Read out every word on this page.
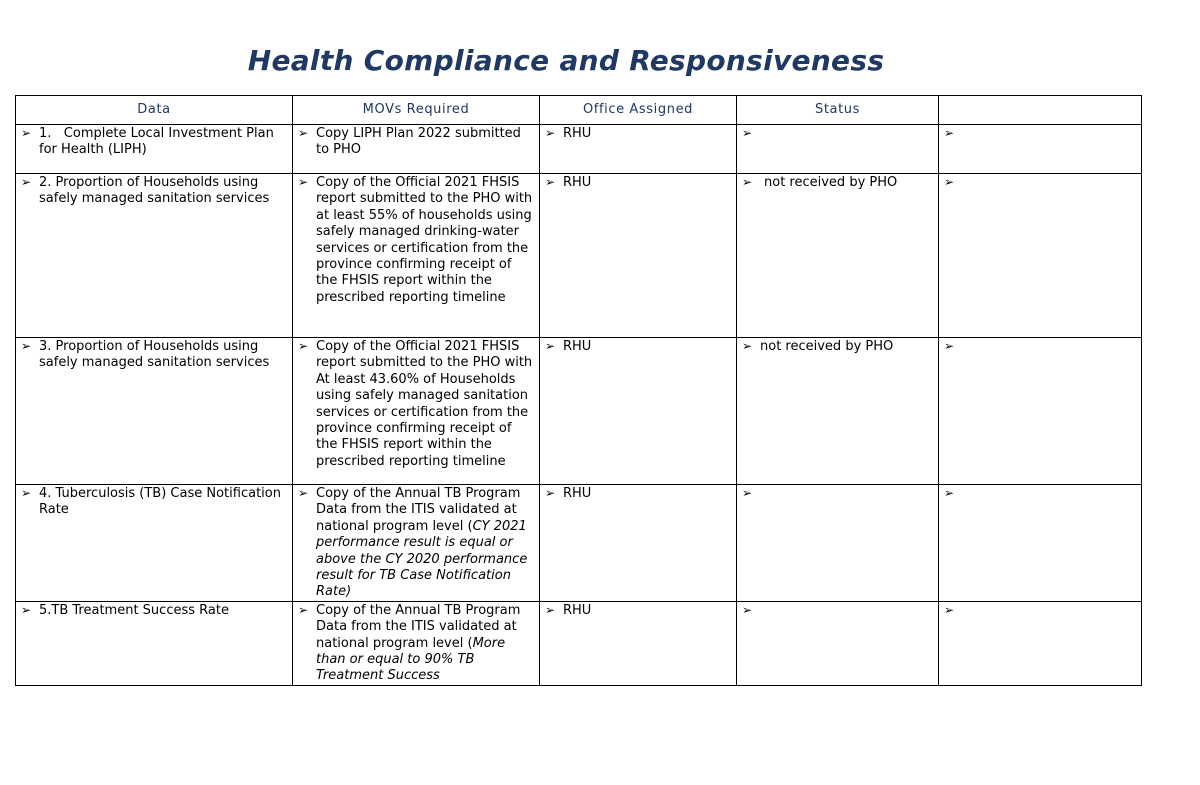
Health Compliance and Responsiveness
Data	MOVs Required	Office Assigned	Status	

➢ 1.   Complete Local Investment Plan for Health (LIPH)	➢ Copy LIPH Plan 2022 submitted to PHO	➢ RHU	➢	➢

➢ 2. Proportion of Households using safely managed sanitation services	➢ Copy of the Official 2021 FHSIS report submitted to the PHO with at least 55% of households using safely managed drinking-water services or certification from the province confirming receipt of the FHSIS report within the prescribed reporting timeline	➢ RHU	➢ not received by PHO	➢

➢ 3. Proportion of Households using safely managed sanitation services	➢ Copy of the Official 2021 FHSIS report submitted to the PHO with At least 43.60% of Households using safely managed sanitation services or certification from the province confirming receipt of the FHSIS report within the prescribed reporting timeline	➢ RHU	➢ not received by PHO	➢

➢ 4. Tuberculosis (TB) Case Notification Rate	➢ Copy of the Annual TB Program Data from the ITIS validated at national program level (CY 2021 performance result is equal or above the CY 2020 performance result for TB Case Notification Rate)	➢ RHU	➢	➢

➢ 5.TB Treatment Success Rate	➢ Copy of the Annual TB Program Data from the ITIS validated at national program level (More than or equal to 90% TB Treatment Success	➢ RHU	➢	➢
